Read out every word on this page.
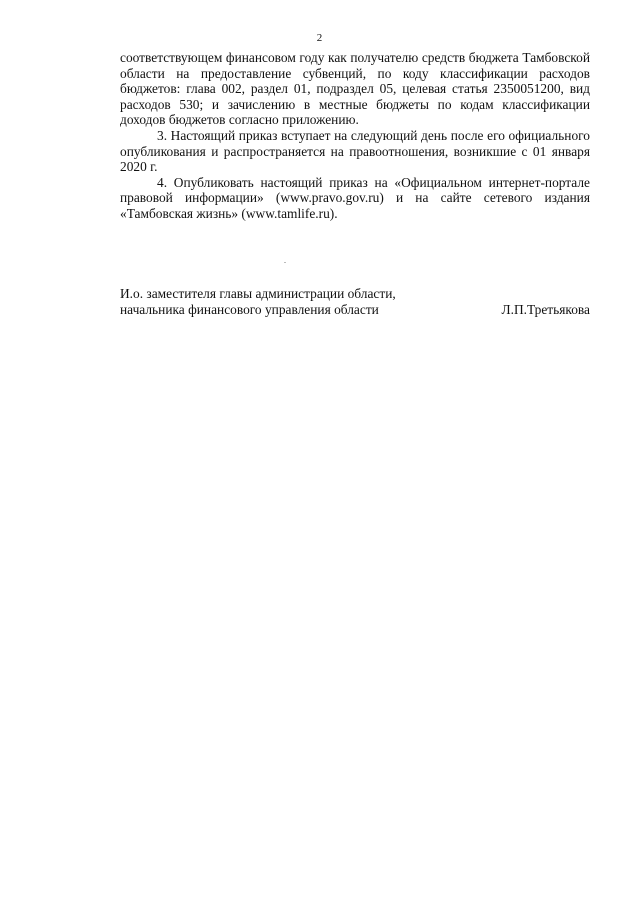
2

соответствующем финансовом году как получателю средств бюджета Тамбовской области на предоставление субвенций, по коду классификации расходов бюджетов: глава 002, раздел 01, подраздел 05, целевая статья 2350051200, вид расходов 530; и зачислению в местные бюджеты по кодам классификации доходов бюджетов согласно приложению.

3. Настоящий приказ вступает на следующий день после его официального опубликования и распространяется на правоотношения, возникшие с 01 января 2020 г.

4. Опубликовать настоящий приказ на «Официальном интернет-портале правовой информации» (www.pravo.gov.ru) и на сайте сетевого издания «Тамбовская жизнь» (www.tamlife.ru).

И.о. заместителя главы администрации области,
начальника финансового управления области	Л.П.Третьякова
